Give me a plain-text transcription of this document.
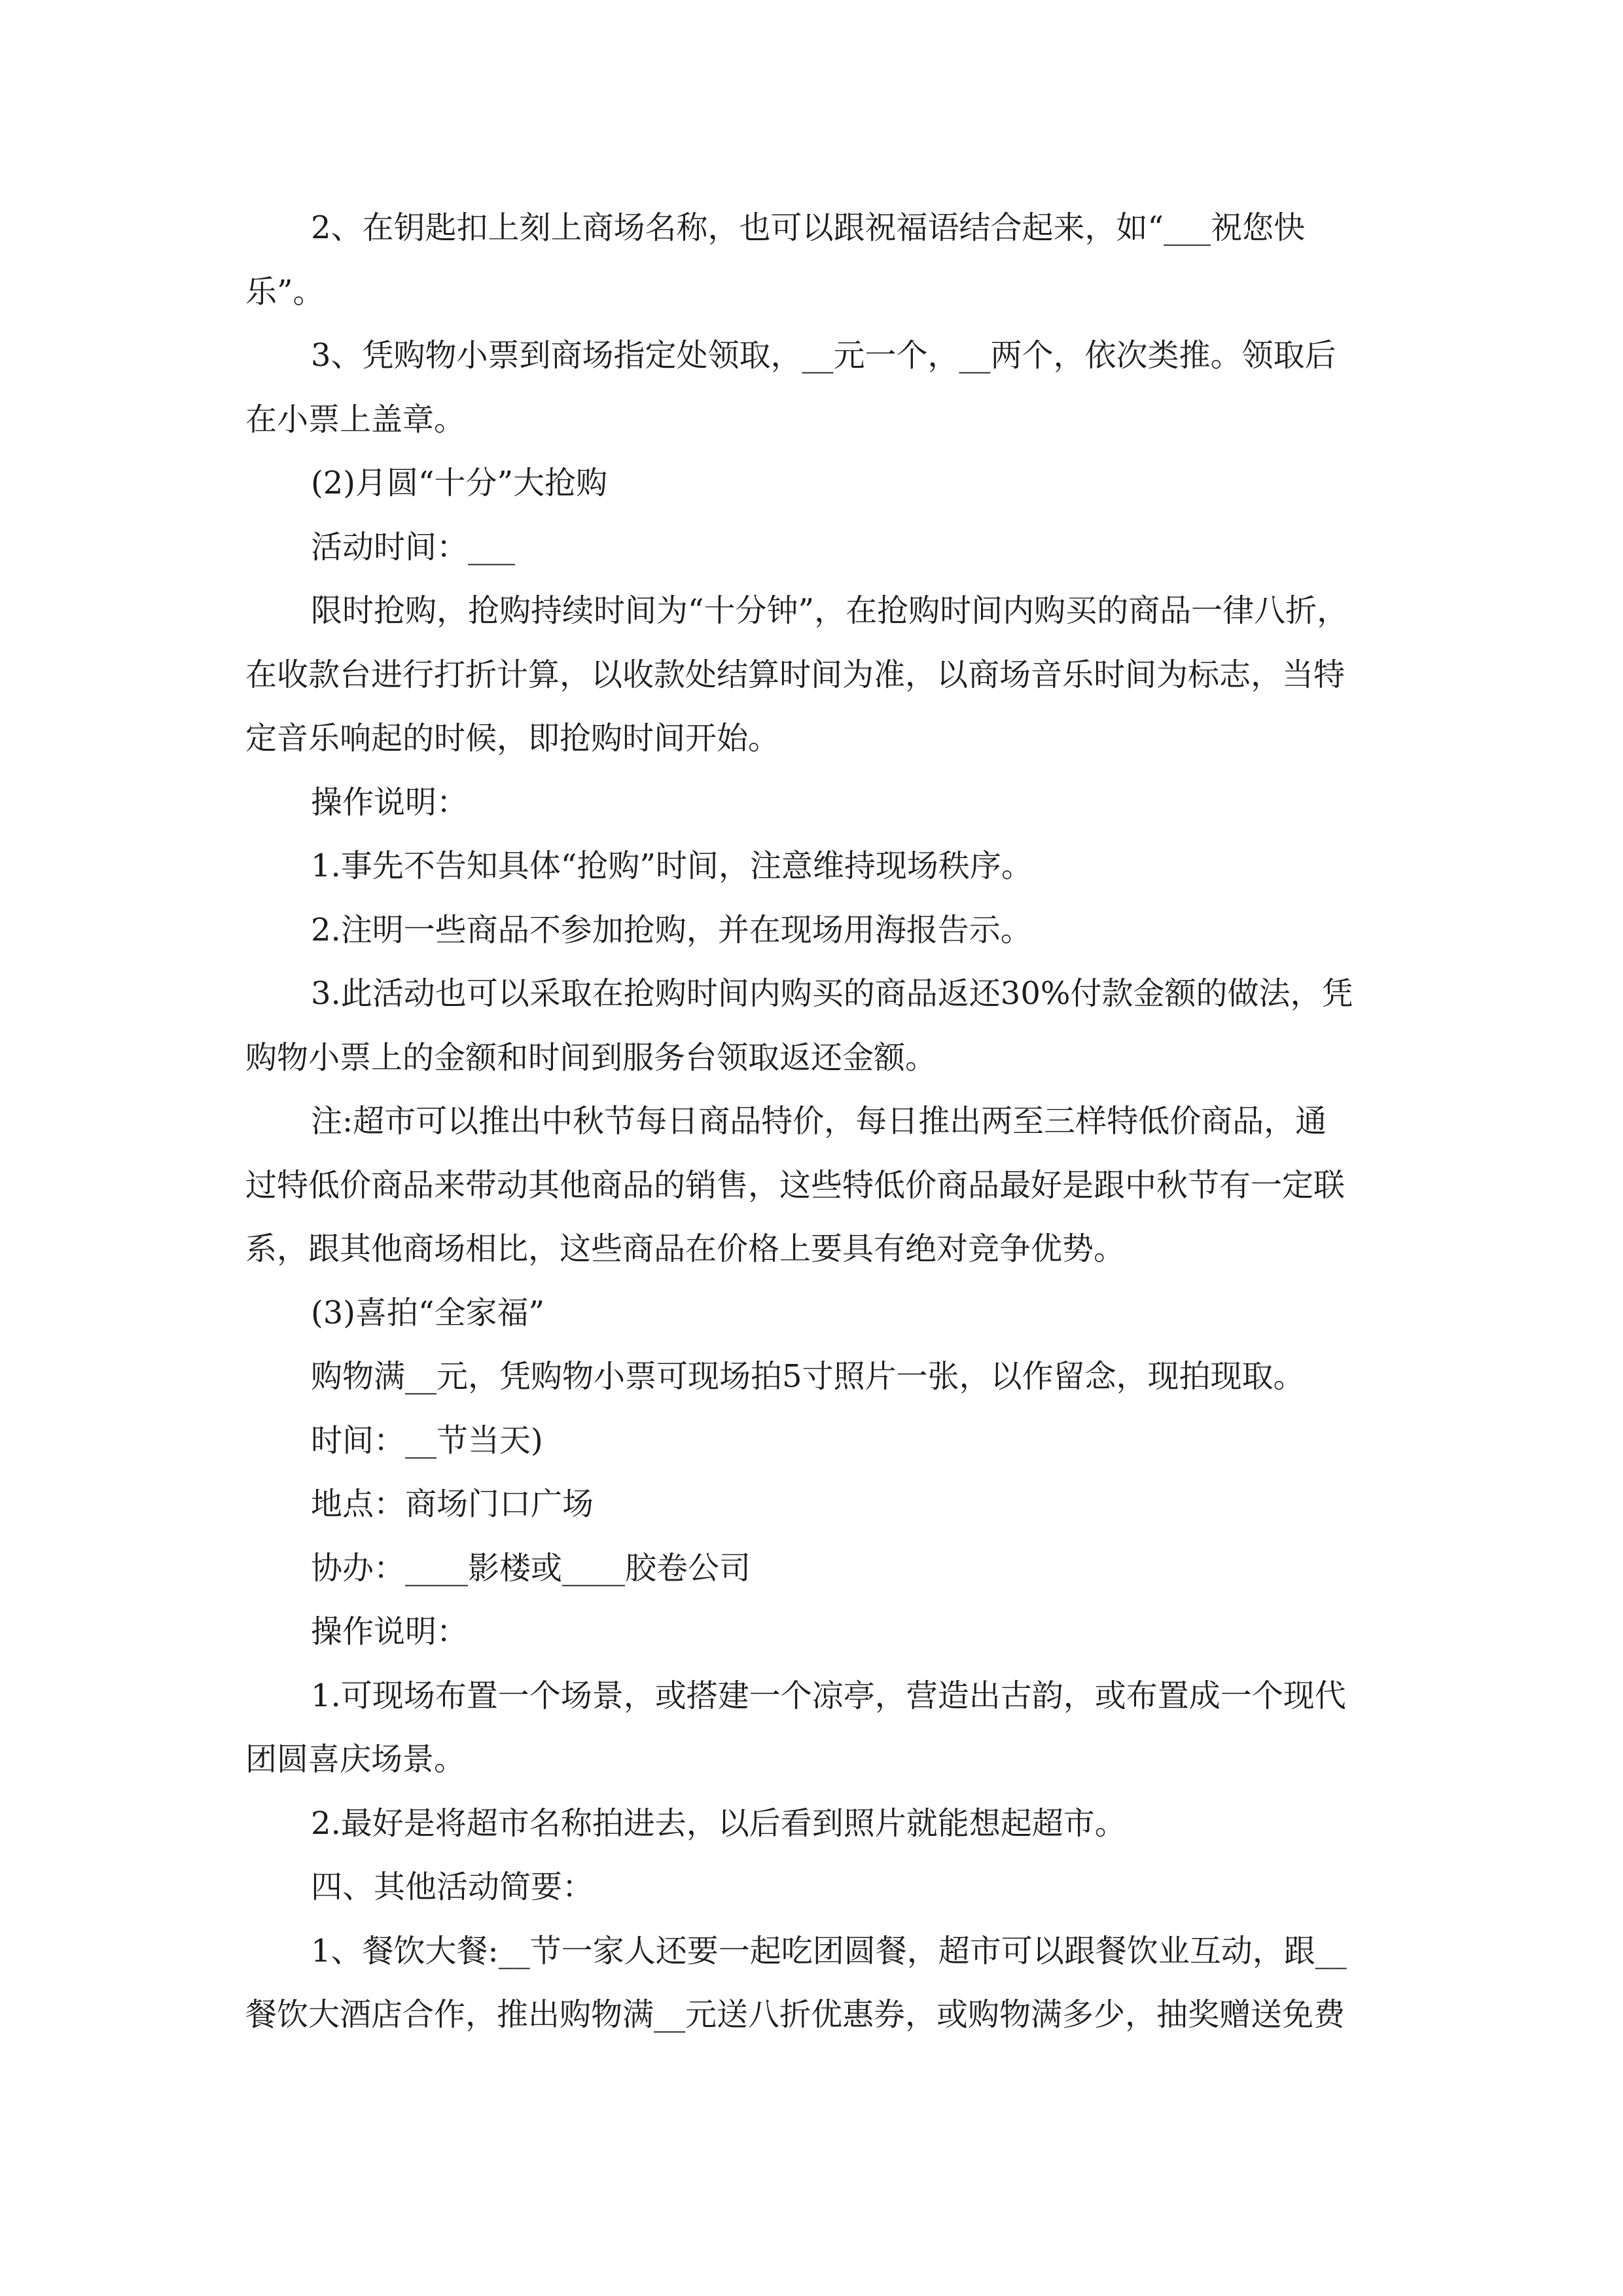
2、在钥匙扣上刻上商场名称，也可以跟祝福语结合起来，如“___祝您快
乐”。
3、凭购物小票到商场指定处领取，__元一个，__两个，依次类推。领取后
在小票上盖章。
(2)月圆“十分”大抢购
活动时间：___
限时抢购，抢购持续时间为“十分钟”，在抢购时间内购买的商品一律八折，
在收款台进行打折计算，以收款处结算时间为准，以商场音乐时间为标志，当特
定音乐响起的时候，即抢购时间开始。
操作说明：
1.事先不告知具体“抢购”时间，注意维持现场秩序。
2.注明一些商品不参加抢购，并在现场用海报告示。
3.此活动也可以采取在抢购时间内购买的商品返还30%付款金额的做法，凭
购物小票上的金额和时间到服务台领取返还金额。
注:超市可以推出中秋节每日商品特价，每日推出两至三样特低价商品，通
过特低价商品来带动其他商品的销售，这些特低价商品最好是跟中秋节有一定联
系，跟其他商场相比，这些商品在价格上要具有绝对竞争优势。
(3)喜拍“全家福”
购物满__元，凭购物小票可现场拍5寸照片一张，以作留念，现拍现取。
时间：__节当天)
地点：商场门口广场
协办：____影楼或____胶卷公司
操作说明：
1.可现场布置一个场景，或搭建一个凉亭，营造出古韵，或布置成一个现代
团圆喜庆场景。
2.最好是将超市名称拍进去，以后看到照片就能想起超市。
四、其他活动简要：
1、餐饮大餐:__节一家人还要一起吃团圆餐，超市可以跟餐饮业互动，跟__
餐饮大酒店合作，推出购物满__元送八折优惠券，或购物满多少，抽奖赠送免费
